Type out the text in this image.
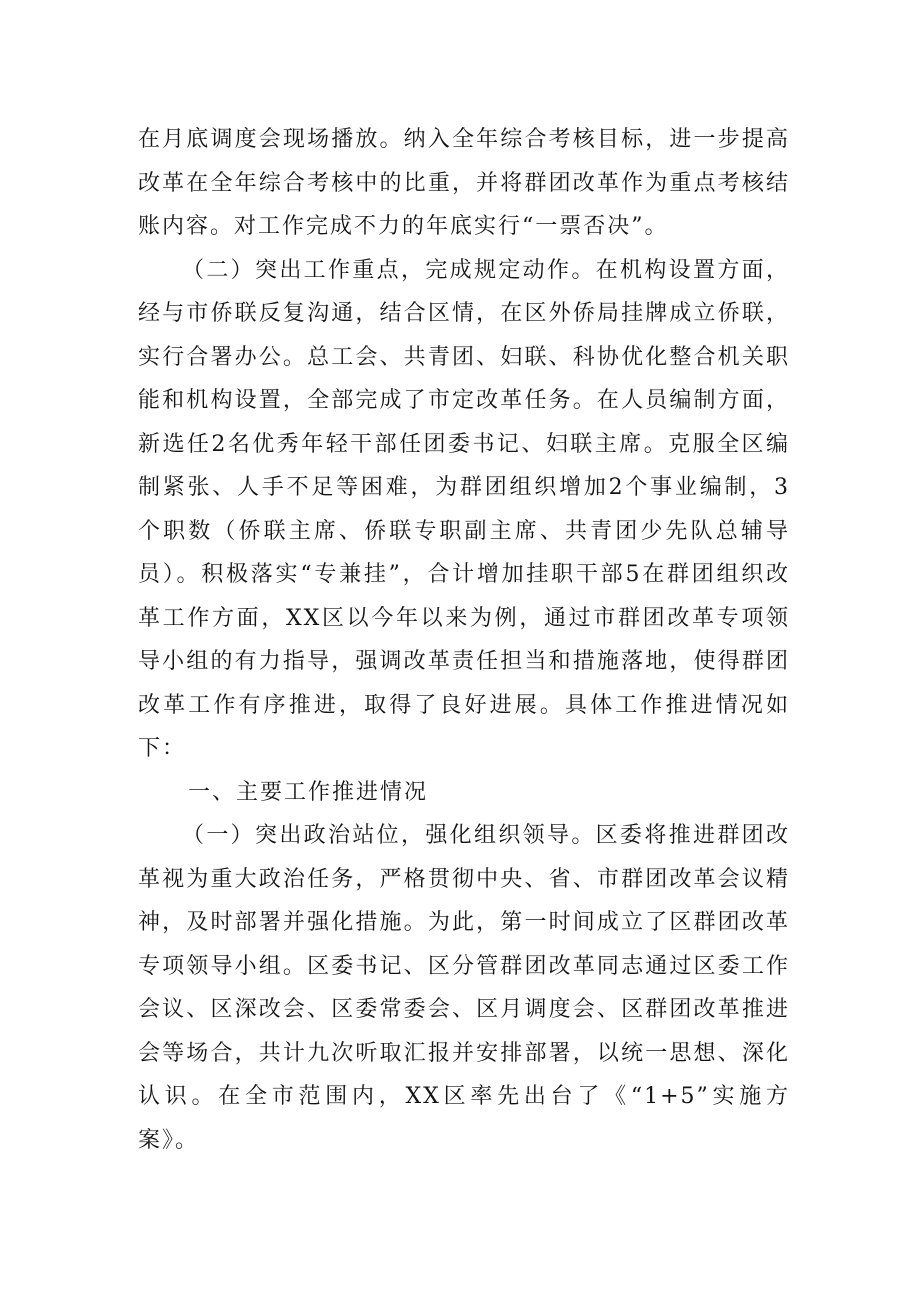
在月底调度会现场播放。纳入全年综合考核目标，进一步提高改革在全年综合考核中的比重，并将群团改革作为重点考核结账内容。对工作完成不力的年底实行“一票否决”。

（二）突出工作重点，完成规定动作。在机构设置方面，经与市侨联反复沟通，结合区情，在区外侨局挂牌成立侨联，实行合署办公。总工会、共青团、妇联、科协优化整合机关职能和机构设置，全部完成了市定改革任务。在人员编制方面，新选任2名优秀年轻干部任团委书记、妇联主席。克服全区编制紧张、人手不足等困难，为群团组织增加2个事业编制，3个职数（侨联主席、侨联专职副主席、共青团少先队总辅导员）。积极落实“专兼挂”，合计增加挂职干部5在群团组织改革工作方面，XX区以今年以来为例，通过市群团改革专项领导小组的有力指导，强调改革责任担当和措施落地，使得群团改革工作有序推进，取得了良好进展。具体工作推进情况如下：

一、主要工作推进情况

（一）突出政治站位，强化组织领导。区委将推进群团改革视为重大政治任务，严格贯彻中央、省、市群团改革会议精神，及时部署并强化措施。为此，第一时间成立了区群团改革专项领导小组。区委书记、区分管群团改革同志通过区委工作会议、区深改会、区委常委会、区月调度会、区群团改革推进会等场合，共计九次听取汇报并安排部署，以统一思想、深化认识。在全市范围内，XX区率先出台了《“1+5”实施方案》。
